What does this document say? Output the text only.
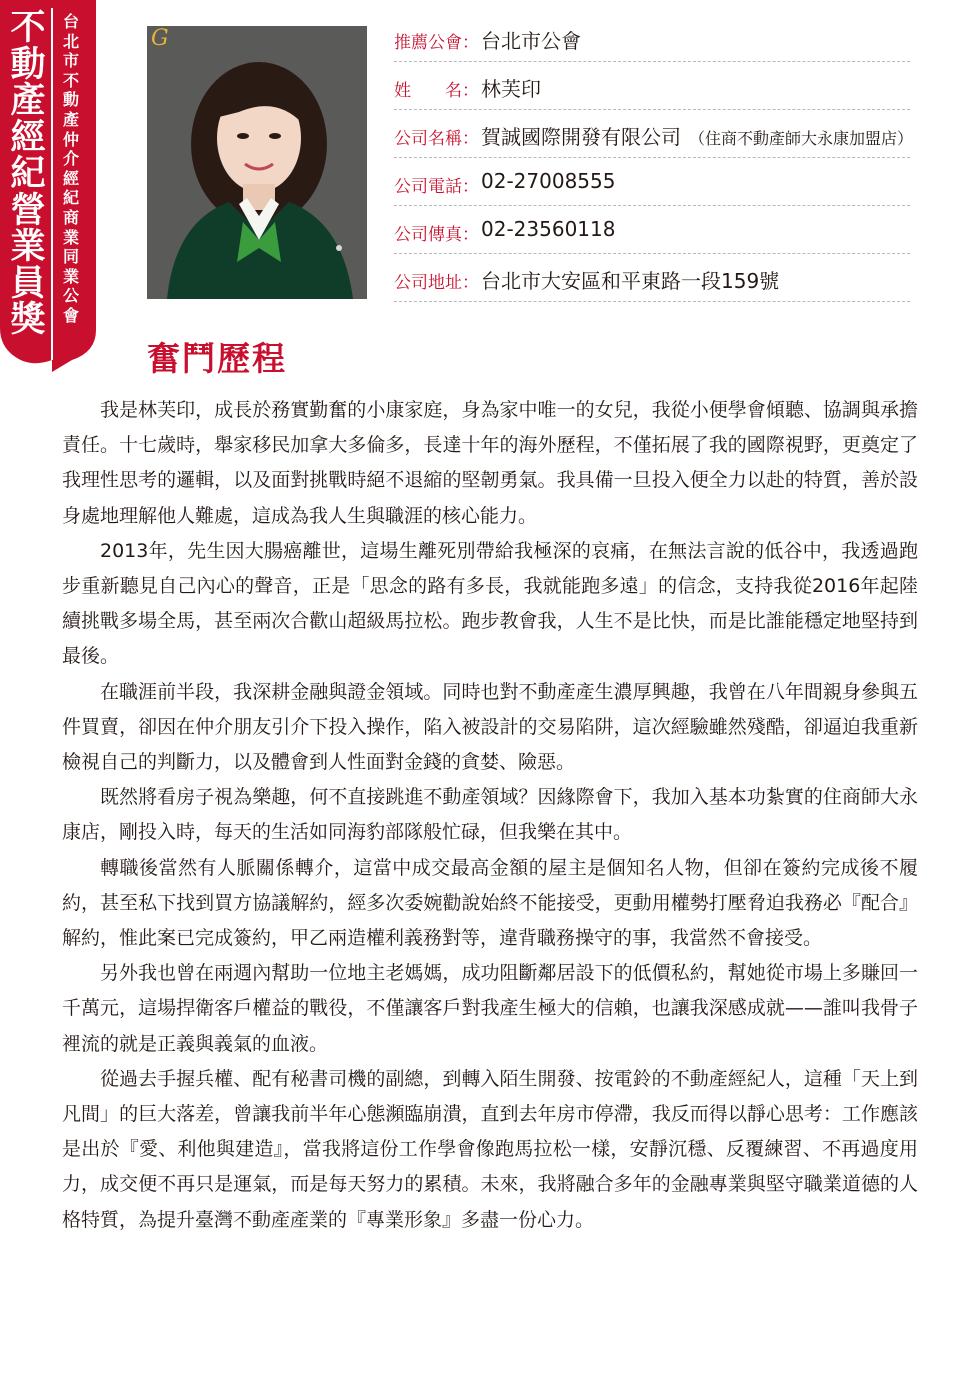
不動產經紀營業員獎
台北市不動產仲介經紀商業同業公會
G	推薦公會： 台北市公會
姓　　名： 林芙印
公司名稱： 賀誠國際開發有限公司 （住商不動產師大永康加盟店）
公司電話： 02-27008555
公司傳真： 02-23560118
公司地址： 台北市大安區和平東路一段159號
奮鬥歷程

我是林芙印，成長於務實勤奮的小康家庭，身為家中唯一的女兒，我從小便學會傾聽、協調與承擔責任。十七歲時，舉家移民加拿大多倫多，長達十年的海外歷程，不僅拓展了我的國際視野，更奠定了我理性思考的邏輯，以及面對挑戰時絕不退縮的堅韌勇氣。我具備一旦投入便全力以赴的特質，善於設身處地理解他人難處，這成為我人生與職涯的核心能力。

2013年，先生因大腸癌離世，這場生離死別帶給我極深的哀痛，在無法言說的低谷中，我透過跑步重新聽見自己內心的聲音，正是「思念的路有多長，我就能跑多遠」的信念，支持我從2016年起陸續挑戰多場全馬，甚至兩次合歡山超級馬拉松。跑步教會我，人生不是比快，而是比誰能穩定地堅持到最後。

在職涯前半段，我深耕金融與證金領域。同時也對不動產產生濃厚興趣，我曾在八年間親身參與五件買賣，卻因在仲介朋友引介下投入操作，陷入被設計的交易陷阱，這次經驗雖然殘酷，卻逼迫我重新檢視自己的判斷力，以及體會到人性面對金錢的貪婪、險惡。

既然將看房子視為樂趣，何不直接跳進不動產領域？因緣際會下，我加入基本功紮實的住商師大永康店，剛投入時，每天的生活如同海豹部隊般忙碌，但我樂在其中。

轉職後當然有人脈關係轉介，這當中成交最高金額的屋主是個知名人物，但卻在簽約完成後不履約，甚至私下找到買方協議解約，經多次委婉勸說始終不能接受，更動用權勢打壓脅迫我務必『配合』解約，惟此案已完成簽約，甲乙兩造權利義務對等，違背職務操守的事，我當然不會接受。

另外我也曾在兩週內幫助一位地主老媽媽，成功阻斷鄰居設下的低價私約，幫她從市場上多賺回一千萬元，這場捍衛客戶權益的戰役，不僅讓客戶對我產生極大的信賴，也讓我深感成就——誰叫我骨子裡流的就是正義與義氣的血液。

從過去手握兵權、配有秘書司機的副總，到轉入陌生開發、按電鈴的不動產經紀人，這種「天上到凡間」的巨大落差，曾讓我前半年心態瀕臨崩潰，直到去年房市停滯，我反而得以靜心思考：工作應該是出於『愛、利他與建造』，當我將這份工作學會像跑馬拉松一樣，安靜沉穩、反覆練習、不再過度用力，成交便不再只是運氣，而是每天努力的累積。未來，我將融合多年的金融專業與堅守職業道德的人格特質，為提升臺灣不動產產業的『專業形象』多盡一份心力。
